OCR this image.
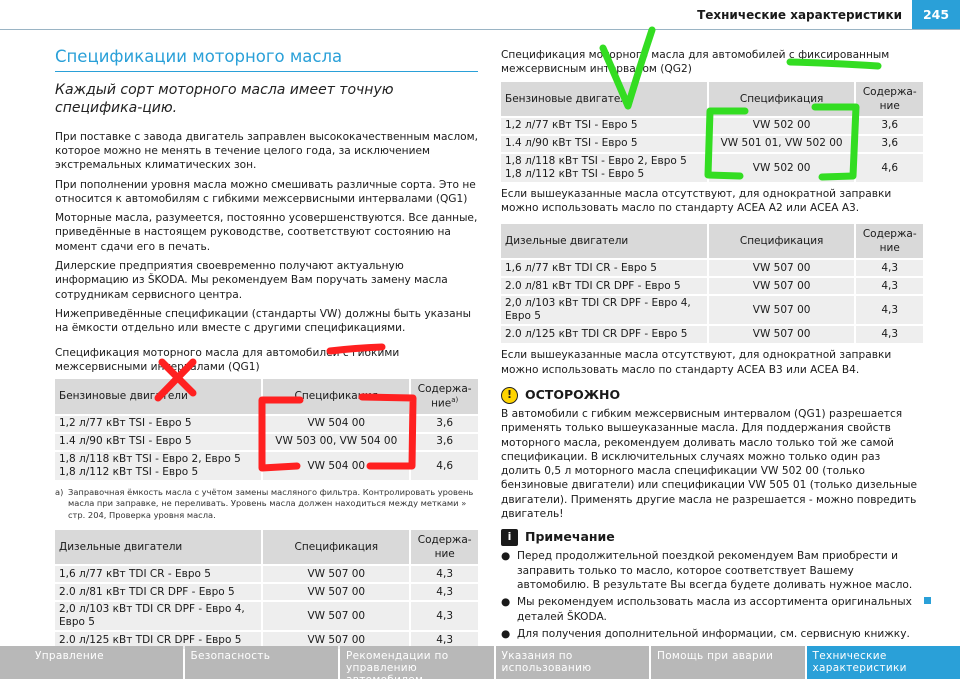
Технические характеристики	245
Спецификации моторного масла
Каждый сорт моторного масла имеет точную специфика-цию.
При поставке с завода двигатель заправлен высококачественным маслом, которое можно не менять в течение целого года, за исключением экстремальных климатических зон.
При пополнении уровня масла можно смешивать различные сорта. Это не относится к автомобилям с гибкими межсервисными интервалами (QG1)
Моторные масла, разумеется, постоянно усовершенствуются. Все данные, приведённые в настоящем руководстве, соответствуют состоянию на момент сдачи его в печать.
Дилерские предприятия своевременно получают актуальную информацию из ŠKODA. Мы рекомендуем Вам поручать замену масла сотрудникам сервисного центра.
Нижеприведённые спецификации (стандарты VW) должны быть указаны на ёмкости отдельно или вместе с другими спецификациями.
Спецификация моторного масла для автомобилей с гибкими межсервисными интервалами (QG1)
Бензиновые двигатели	Спецификация	Содержа-ние$^{a)}$
1,2 л/77 кВт TSI - Евро 5	VW 504 00	3,6
1.4 л/90 кВт TSI - Евро 5	VW 503 00, VW 504 00	3,6

1,8 л/118 кВт TSI - Евро 2, Евро 5
1,8 л/112 кВт TSI - Евро 5	VW 504 00	4,6
a) Заправочная ёмкость масла с учётом замены масляного фильтра. Контролировать уровень масла при заправке, не переливать. Уровень масла должен находиться между метками » стр. 204, Проверка уровня масла.
Дизельные двигатели	Спецификация	Содержа-ние
1,6 л/77 кВт TDI CR - Евро 5	VW 507 00	4,3
2.0 л/81 кВт TDI CR DPF - Евро 5	VW 507 00	4,3
2,0 л/103 кВт TDI CR DPF - Евро 4, Евро 5	VW 507 00	4,3
2.0 л/125 кВт TDI CR DPF - Евро 5	VW 507 00	4,3
Спецификация моторного масла для автомобилей с фиксированным межсервисным интервалом (QG2)
Бензиновые двигатели	Спецификация	Содержа-ние
1,2 л/77 кВт TSI - Евро 5	VW 502 00	3,6
1.4 л/90 кВт TSI - Евро 5	VW 501 01, VW 502 00	3,6

1,8 л/118 кВт TSI - Евро 2, Евро 5
1,8 л/112 кВт TSI - Евро 5	VW 502 00	4,6
Если вышеуказанные масла отсутствуют, для однократной заправки можно использовать масло по стандарту ACEA A2 или ACEA A3.
Дизельные двигатели	Спецификация	Содержа-ние
1,6 л/77 кВт TDI CR - Евро 5	VW 507 00	4,3
2.0 л/81 кВт TDI CR DPF - Евро 5	VW 507 00	4,3
2,0 л/103 кВт TDI CR DPF - Евро 4, Евро 5	VW 507 00	4,3
2.0 л/125 кВт TDI CR DPF - Евро 5	VW 507 00	4,3
Если вышеуказанные масла отсутствуют, для однократной заправки можно использовать масло по стандарту ACEA B3 или ACEA B4.
!	ОСТОРОЖНО
В автомобили с гибким межсервисным интервалом (QG1) разрешается применять только вышеуказанные масла. Для поддержания свойств моторного масла, рекомендуем доливать масло только той же самой спецификации. В исключительных случаях можно только один раз долить 0,5 л моторного масла спецификации VW 502 00 (только бензиновые двигатели) или спецификации VW 505 01 (только дизельные двигатели). Применять другие масла не разрешается - можно повредить двигатель!
i	Примечание
● Перед продолжительной поездкой рекомендуем Вам приобрести и заправить только то масло, которое соответствует Вашему автомобилю. В результате Вы всегда будете доливать нужное масло.
● Мы рекомендуем использовать масла из ассортимента оригинальных деталей ŠKODA.
● Для получения дополнительной информации, см. сервисную книжку.
Управление	Безопасность	Рекомендации по управлению автомобилем
Указания по использованию
Помощь при аварии	Технические характеристики
